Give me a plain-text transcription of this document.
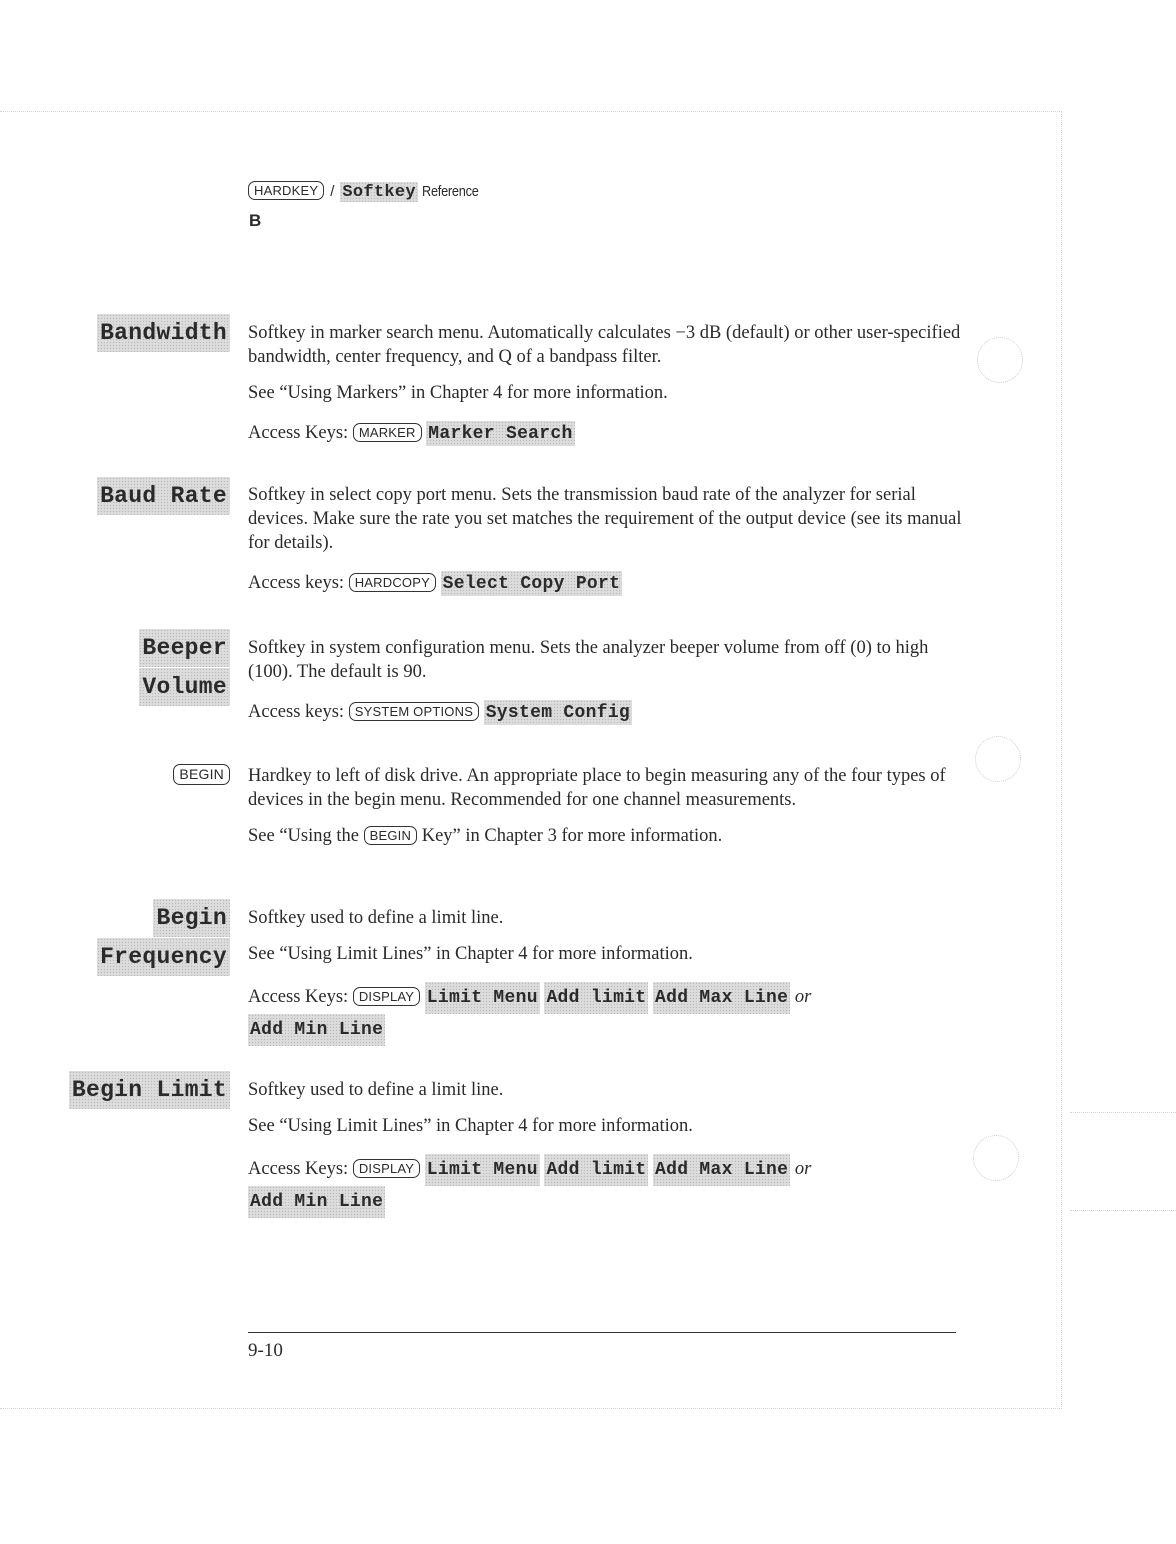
HARDKEY / Softkey Reference
B
Bandwidth Softkey in marker search menu. Automatically calculates −3 dB (default) or other user-specified bandwidth, center frequency, and Q of a bandpass filter.

See “Using Markers” in Chapter 4 for more information.

Access Keys: MARKER Marker Search

Baud Rate Softkey in select copy port menu. Sets the transmission baud rate of the analyzer for serial devices. Make sure the rate you set matches the requirement of the output device (see its manual for details).

Access keys: HARDCOPY Select Copy Port

Beeper
Volume

Softkey in system configuration menu. Sets the analyzer beeper volume from off (0) to high (100). The default is 90.

Access keys: SYSTEM OPTIONS System Config

BEGIN	Hardkey to left of disk drive. An appropriate place to begin measuring any of the four types of devices in the begin menu. Recommended for one channel measurements.

See “Using the BEGIN Key” in Chapter 3 for more information.

Begin
Frequency

Softkey used to define a limit line.

See “Using Limit Lines” in Chapter 4 for more information.

Access Keys: DISPLAY Limit Menu Add limit Add Max Line or
Add Min Line

Begin Limit Softkey used to define a limit line.

See “Using Limit Lines” in Chapter 4 for more information.

Access Keys: DISPLAY Limit Menu Add limit Add Max Line or
Add Min Line

9-10
